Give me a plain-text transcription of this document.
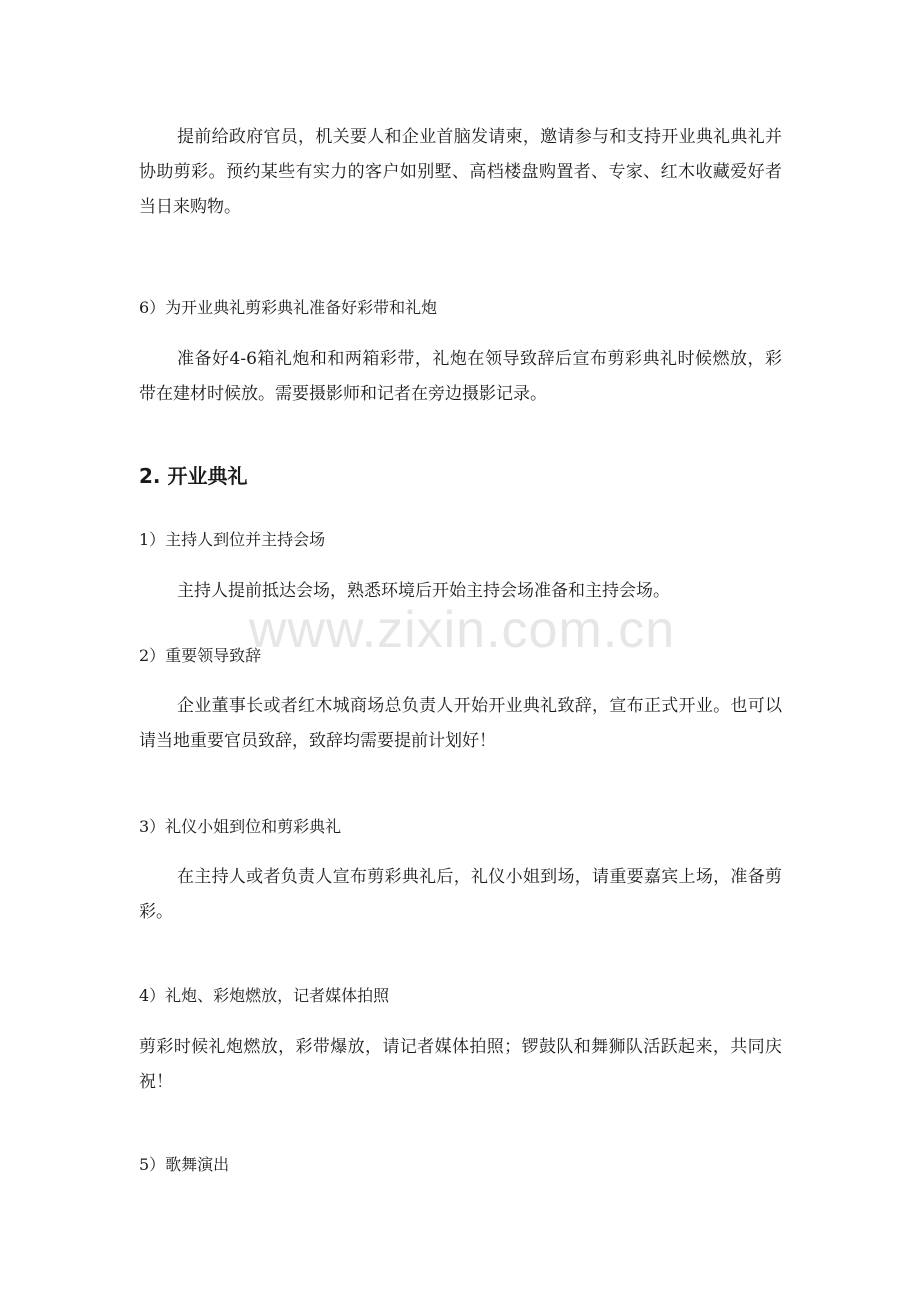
提前给政府官员，机关要人和企业首脑发请柬，邀请参与和支持开业典礼典礼并协助剪彩。预约某些有实力的客户如别墅、高档楼盘购置者、专家、红木收藏爱好者当日来购物。
6）为开业典礼剪彩典礼准备好彩带和礼炮
准备好4-6箱礼炮和和两箱彩带，礼炮在领导致辞后宣布剪彩典礼时候燃放，彩带在建材时候放。需要摄影师和记者在旁边摄影记录。
2. 开业典礼
1）主持人到位并主持会场
主持人提前抵达会场，熟悉环境后开始主持会场准备和主持会场。
2）重要领导致辞
企业董事长或者红木城商场总负责人开始开业典礼致辞，宣布正式开业。也可以请当地重要官员致辞，致辞均需要提前计划好！
3）礼仪小姐到位和剪彩典礼
在主持人或者负责人宣布剪彩典礼后，礼仪小姐到场，请重要嘉宾上场，准备剪彩。
4）礼炮、彩炮燃放，记者媒体拍照
剪彩时候礼炮燃放，彩带爆放，请记者媒体拍照；锣鼓队和舞狮队活跃起来，共同庆祝！
5）歌舞演出
www.zixin.com.cn
